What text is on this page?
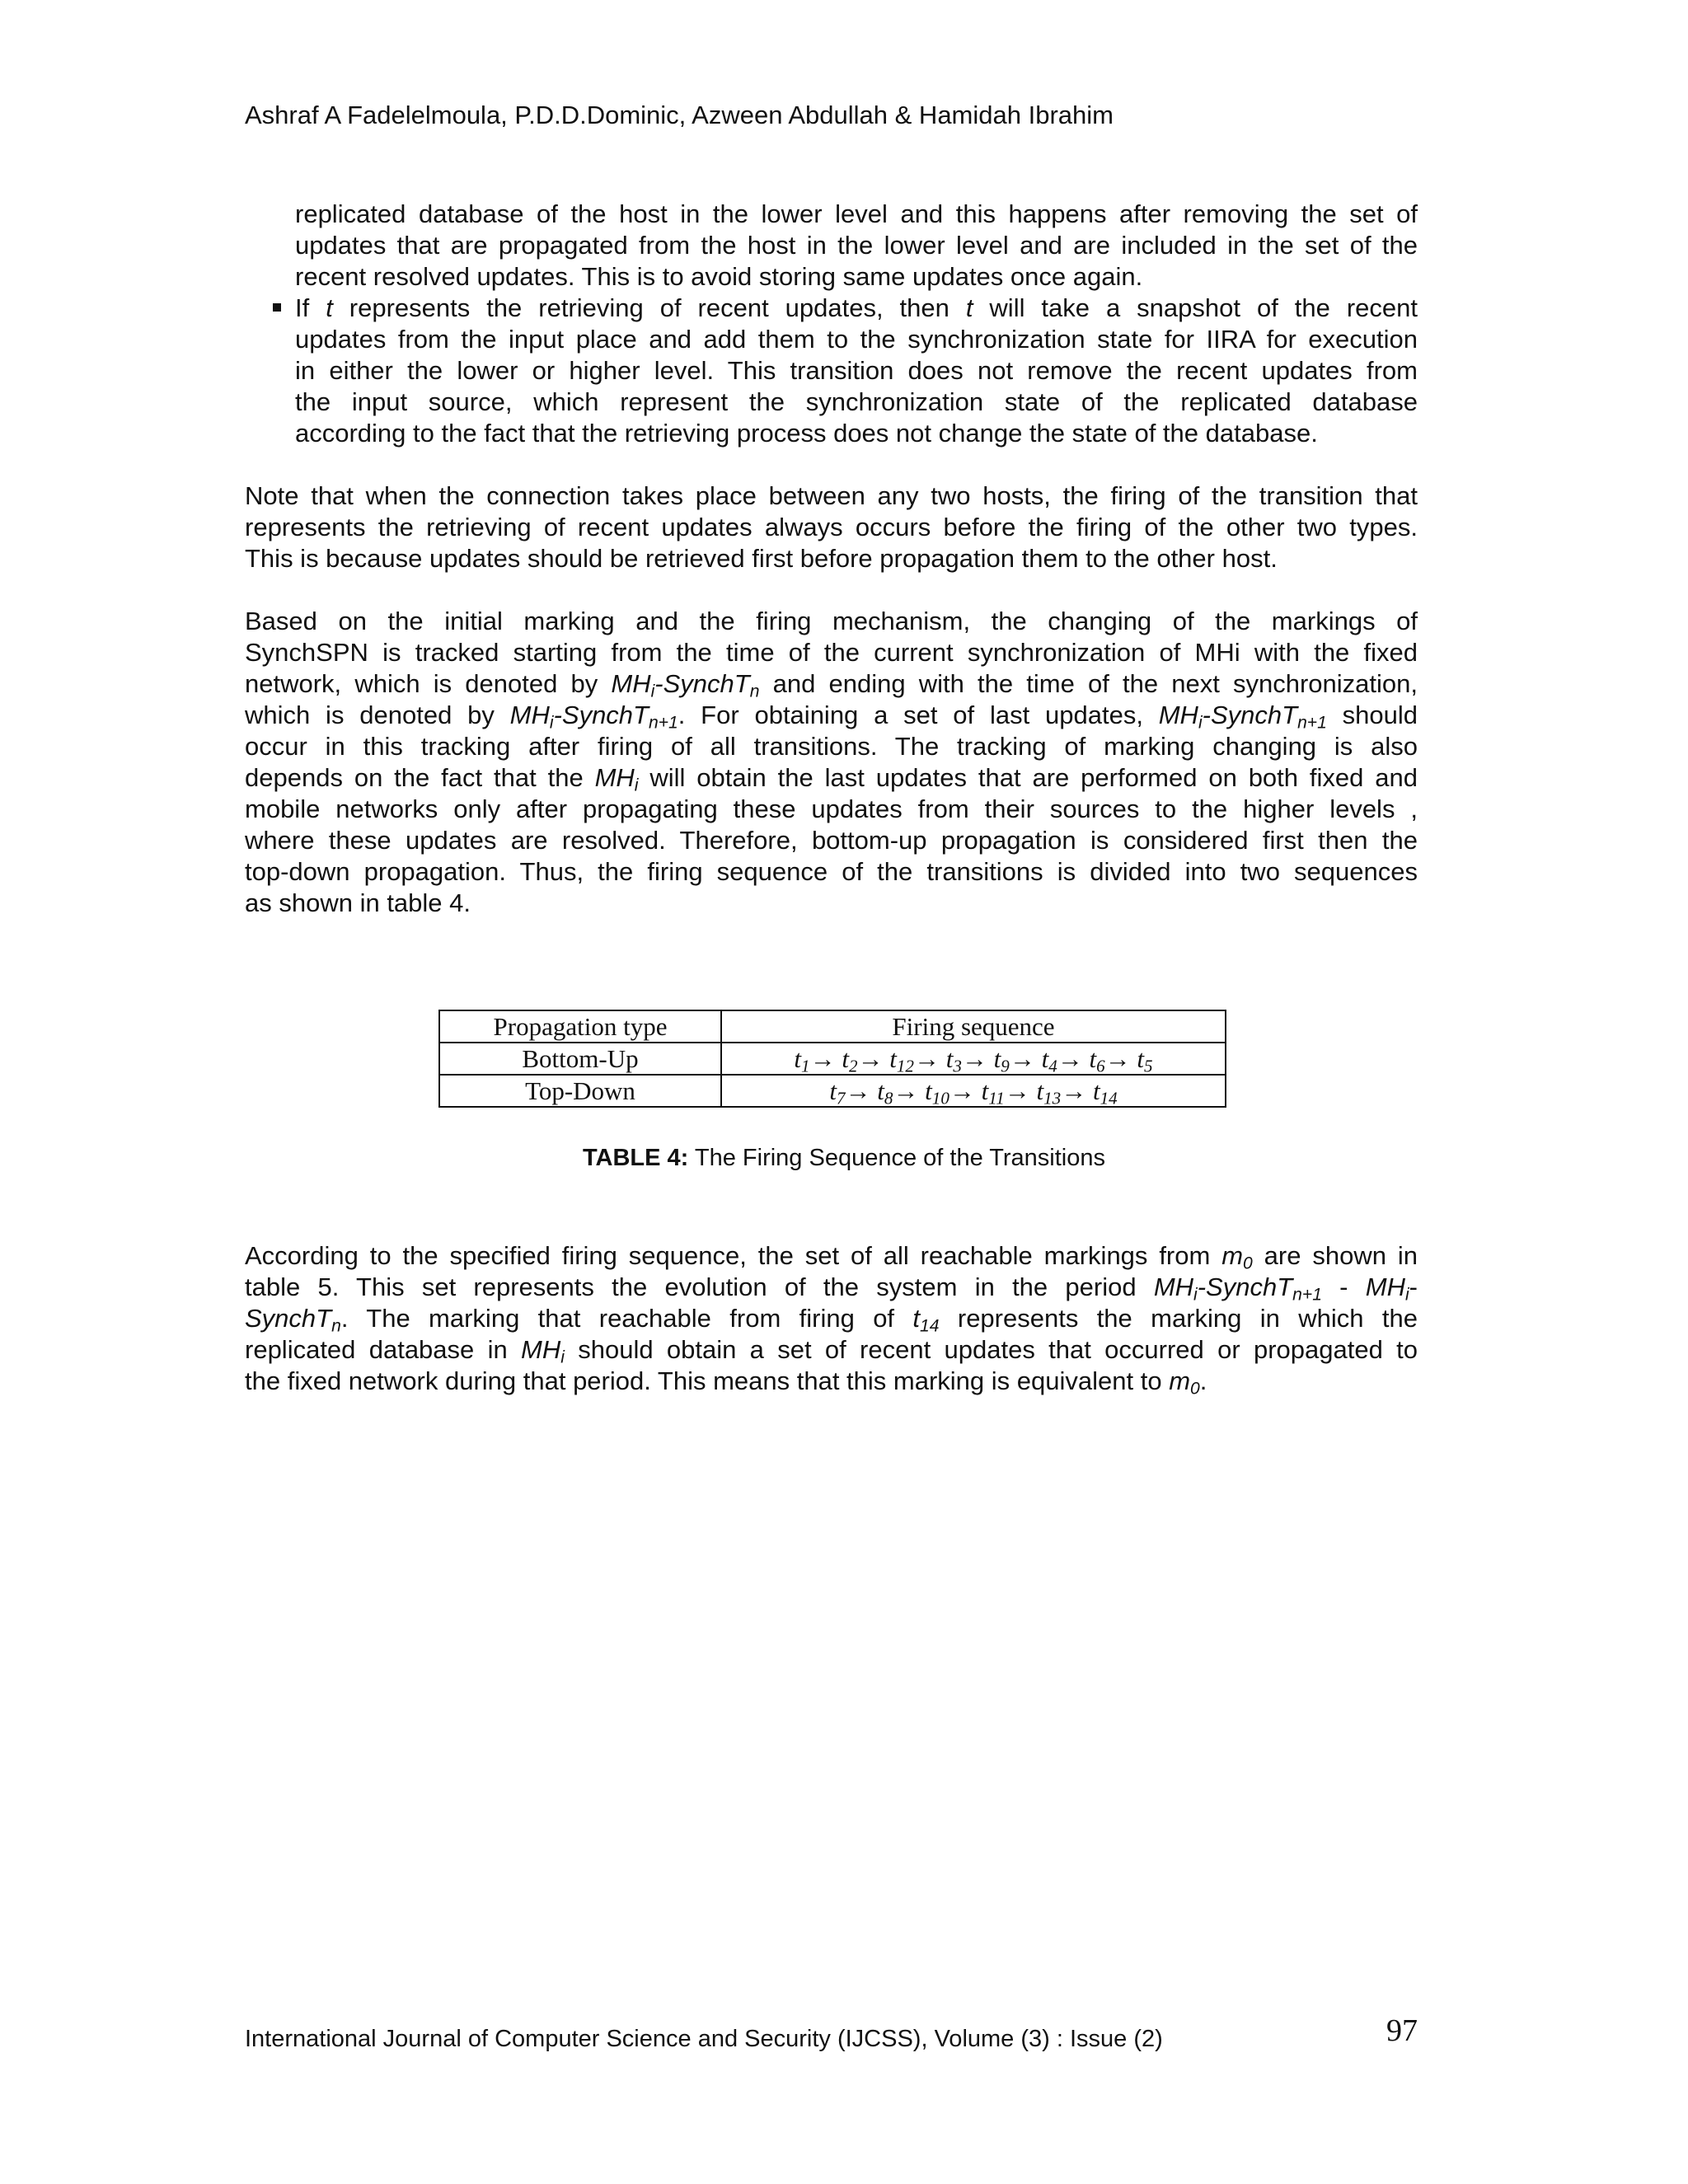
Ashraf A Fadelelmoula, P.D.D.Dominic, Azween Abdullah & Hamidah Ibrahim
replicated database of the host in the lower level and this happens after removing the set of
updates that are propagated from the host in the lower level and are included in the set of the
recent resolved updates. This is to avoid storing same updates once again.
If t represents the retrieving of recent updates, then t will take a snapshot of the recent
updates from the input place and add them to the synchronization state for IIRA for execution
in either the lower or higher level. This transition does not remove the recent updates from
the input source, which represent the synchronization state of the replicated database
according to the fact that the retrieving process does not change the state of the database.
Note that when the connection takes place between any two hosts, the firing of the transition that
represents the retrieving of recent updates always occurs before the firing of the other two types.
This is because updates should be retrieved first before propagation them to the other host.
Based on the initial marking and the firing mechanism, the changing of the markings of
SynchSPN is tracked starting from the time of the current synchronization of MHi with the fixed
network, which is denoted by $MH_i-SynchT_n$ and ending with the time of the next synchronization,
which is denoted by $MH_i-SynchT_{n+1}$. For obtaining a set of last updates, $MH_i-SynchT_{n+1}$ should
occur in this tracking after firing of all transitions. The tracking of marking changing is also
depends on the fact that the $MH_i$ will obtain the last updates that are performed on both fixed and
mobile networks only after propagating these updates from their sources to the higher levels ,
where these updates are resolved. Therefore, bottom-up propagation is considered first then the
top-down propagation. Thus, the firing sequence of the transitions is divided into two sequences
as shown in table 4.
Propagation type	Firing sequence
Bottom-Up	$t_1\to t_2\to t_{12}\to t_3\to t_9\to t_4\to t_6\to t_5$
Top-Down	$t_7\to t_8\to t_{10}\to t_{11}\to t_{13}\to t_{14}$
TABLE 4: The Firing Sequence of the Transitions
According to the specified firing sequence, the set of all reachable markings from $m_0$ are shown in
table 5. This set represents the evolution of the system in the period $MH_i-SynchT_{n+1} - MH_i-$
SynchT$_n$. The marking that reachable from firing of $t_{14}$ represents the marking in which the
replicated database in $MH_i$ should obtain a set of recent updates that occurred or propagated to
the fixed network during that period. This means that this marking is equivalent to $m_0$.
International Journal of Computer Science and Security (IJCSS), Volume (3) : Issue (2)	97
